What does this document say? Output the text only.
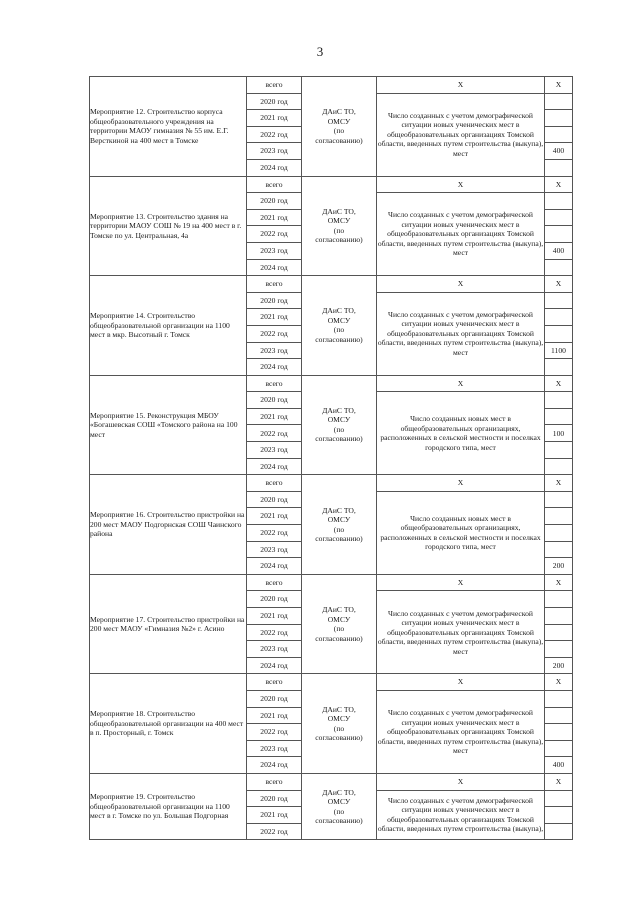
3
Мероприятие 12. Строительство корпуса общеобразовательного учреждения на территории МАОУ гимназия № 55 им. Е.Г. Версткиной на 400 мест в Томске	всего	ДАиС ТО,
ОМСУ
(по
согласованию)	Х	Х
	2020 год		Число созданных с учетом демографической ситуации новых ученических мест в общеобразовательных организациях Томской области, введенных путем строительства (выкупа), мест	
	2021 год			
	2022 год			
	2023 год			400
	2024 год			
Мероприятие 13. Строительство здания на территории МАОУ СОШ № 19 на 400 мест в г. Томске по ул. Центральная, 4а	всего	ДАиС ТО,
ОМСУ
(по
согласованию)	Х	Х
	2020 год		Число созданных с учетом демографической ситуации новых ученических мест в общеобразовательных организациях Томской области, введенных путем строительства (выкупа), мест	
	2021 год			
	2022 год			
	2023 год			400
	2024 год			
Мероприятие 14. Строительство общеобразовательной организации на 1100 мест в мкр. Высотный г. Томск	всего	ДАиС ТО,
ОМСУ
(по
согласованию)	Х	Х
	2020 год		Число созданных с учетом демографической ситуации новых ученических мест в общеобразовательных организациях Томской области, введенных путем строительства (выкупа), мест	
	2021 год			
	2022 год			
	2023 год			1100
	2024 год			
Мероприятие 15. Реконструкция МБОУ «Богашевская СОШ «Томского района на 100 мест	всего	ДАиС ТО,
ОМСУ
(по
согласованию)	Х	Х
	2020 год		Число созданных новых мест в общеобразовательных организациях, расположенных в сельской местности и поселках городского типа, мест	
	2021 год			
	2022 год			100
	2023 год			
	2024 год			
Мероприятие 16. Строительство пристройки на 200 мест МАОУ Подгорнская СОШ Чаинского района	всего	ДАиС ТО,
ОМСУ
(по
согласованию)	Х	Х
	2020 год		Число созданных новых мест в общеобразовательных организациях, расположенных в сельской местности и поселках городского типа, мест	
	2021 год			
	2022 год			
	2023 год			
	2024 год			200
Мероприятие 17. Строительство пристройки на 200 мест МАОУ «Гимназия №2» г. Асино	всего	ДАиС ТО,
ОМСУ
(по
согласованию)	Х	Х
	2020 год		Число созданных с учетом демографической ситуации новых ученических мест в общеобразовательных организациях Томской области, введенных путем строительства (выкупа), мест	
	2021 год			
	2022 год			
	2023 год			
	2024 год			200
Мероприятие 18. Строительство общеобразовательной организации на 400 мест в п. Просторный, г. Томск	всего	ДАиС ТО,
ОМСУ
(по
согласованию)	Х	Х
	2020 год		Число созданных с учетом демографической ситуации новых ученических мест в общеобразовательных организациях Томской области, введенных путем строительства (выкупа), мест	
	2021 год			
	2022 год			
	2023 год			
	2024 год			400
Мероприятие 19. Строительство общеобразовательной организации на 1100 мест в г. Томске по ул. Большая Подгорная	всего	ДАиС ТО,
ОМСУ
(по
согласованию)	Х	Х
	2020 год		Число созданных с учетом демографической ситуации новых ученических мест в общеобразовательных организациях Томской области, введенных путем строительства (выкупа),	
	2021 год			
	2022 год			
